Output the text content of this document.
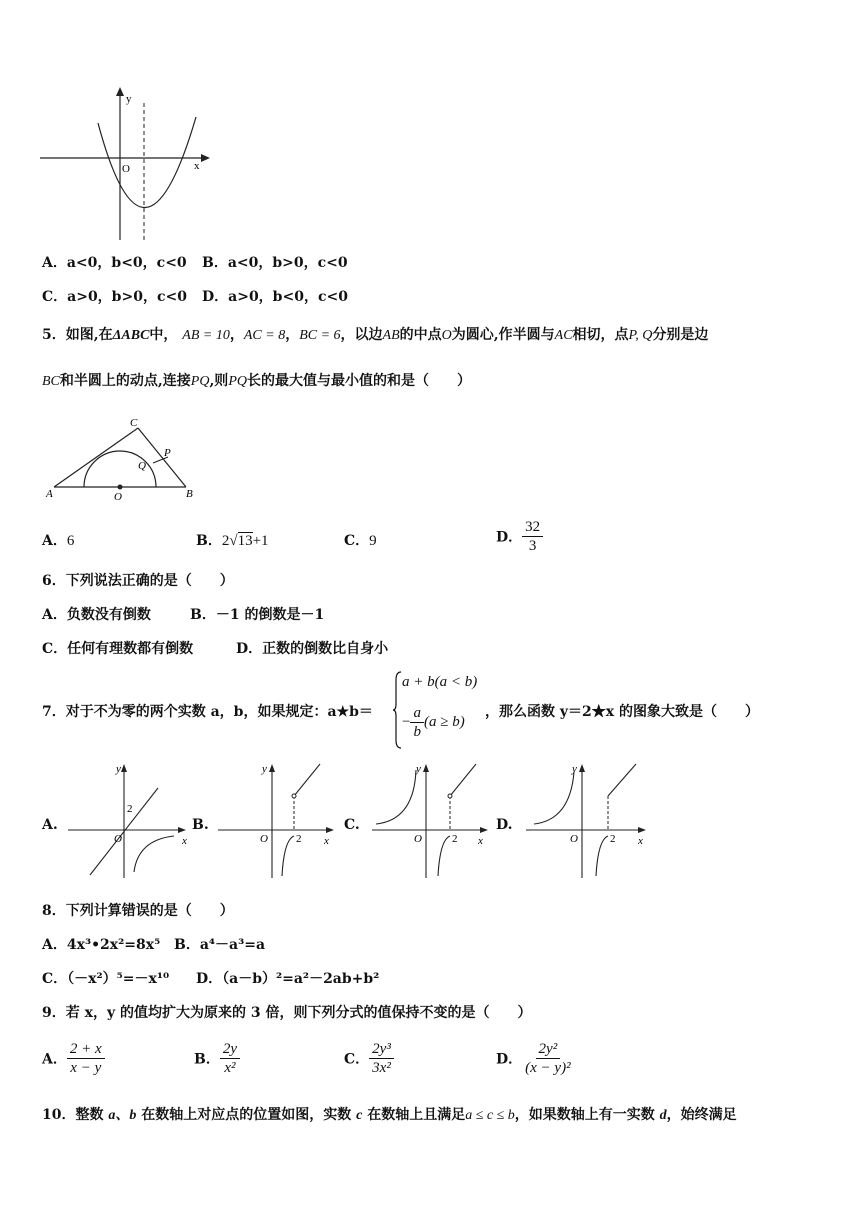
y
x
O
A．a<0，b<0，c<0 B．a<0，b>0，c<0
C．a>0，b>0，c<0 D．a>0，b<0，c<0
5．如图,在ΔABC中， AB = 10，AC = 8，BC = 6，以边AB的中点O为圆心,作半圆与AC相切，点P, Q分别是边
BC和半圆上的动点,连接PQ,则PQ长的最大值与最小值的和是（　　）
A	B
C
O
P
Q
A．6	B．2√13+1	C．9	D． $\frac{32}{3}$
6．下列说法正确的是（　　）
A．负数没有倒数	B．－1 的倒数是－1
C．任何有理数都有倒数	D．正数的倒数比自身小
7．对于不为零的两个实数 a，b，如果规定：a★b＝
a + b(a < b)
− $\frac{a}{b} (a \ge b)$
，那么函数 y＝2★x 的图象大致是（　　）
A.
y
x
O
2
B.
y
x
O	2
C.
y
x
O	2
D.
y
x
O	2
8．下列计算错误的是（　　）
A．4x³•2x²=8x⁵ B．a⁴－a³=a
C．（－x²）⁵=－x¹⁰ D．（a－b）²=a²－2ab+b²
9．若 x，y 的值均扩大为原来的 3 倍，则下列分式的值保持不变的是（　　）
A． $\frac{2 + x}{x - y}$	B． $\frac{2y}{\text{x²}}$	C． $\frac{\text{2y³}}{\text{3x²}}$	D． $\frac{\text{2y²}}{\text{(x − y)²}}$
10．整数 a、b 在数轴上对应点的位置如图，实数 c 在数轴上且满足a ≤ c ≤ b，如果数轴上有一实数 d，始终满足
